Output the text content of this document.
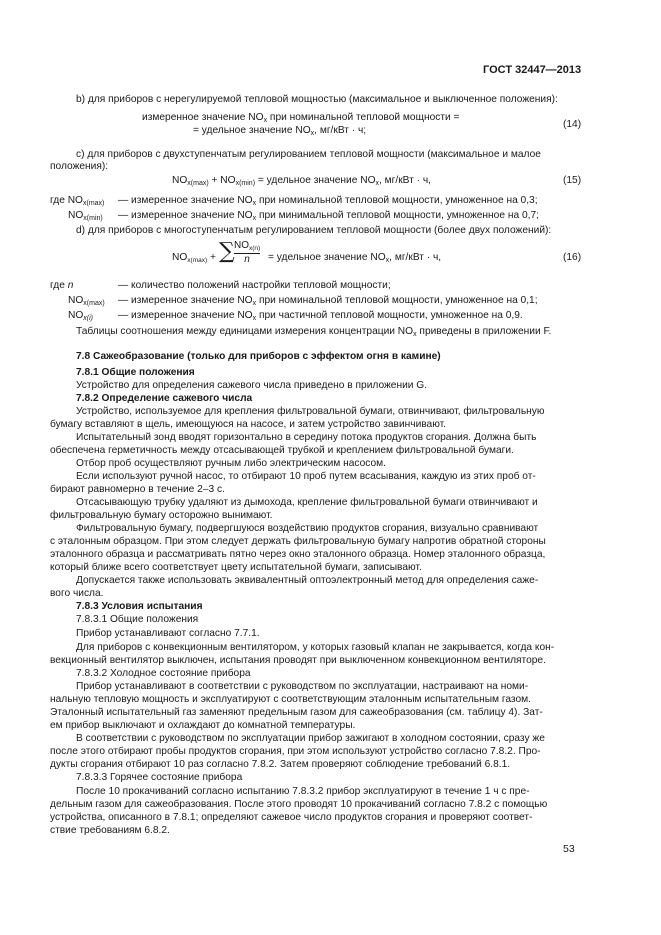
ГОСТ 32447—2013
b) для приборов с нерегулируемой тепловой мощностью (максимальное и выключенное положения):
измеренное значение $NO_x$ при номинальной тепловой мощности =
= удельное значение $NO_x$, мг/кВт · ч;
(14)
c) для приборов с двухступенчатым регулированием тепловой мощности (максимальное и малое
положения):
$NO_{x(max)} + NO_{x(min)}$ = удельное значение $NO_x$, мг/кВт · ч,	(15)
где $NO_{x(max)}$ — измеренное значение $NO_x$ при номинальной тепловой мощности, умноженное на 0,3;
$NO_{x(min)}$ — измеренное значение $NO_x$ при минимальной тепловой мощности, умноженное на 0,7;
d) для приборов с многоступенчатым регулированием тепловой мощности (более двух положений):
$NO_{x(max)}$ + ∑ $NO_{x(n)}$
n	= удельное значение $NO_x$, мг/кВт · ч,	(16)
где n	— количество положений настройки тепловой мощности;
$NO_{x(max)}$ — измеренное значение $NO_x$ при номинальной тепловой мощности, умноженное на 0,1;
$NO_{x(i)}$ — измеренное значение $NO_x$ при частичной тепловой мощности, умноженное на 0,9.
Таблицы соотношения между единицами измерения концентрации $NO_x$ приведены в приложении F.
7.8 Сажеобразование (только для приборов с эффектом огня в камине)
7.8.1 Общие положения
Устройство для определения сажевого числа приведено в приложении G.
7.8.2 Определение сажевого числа
Устройство, используемое для крепления фильтровальной бумаги, отвинчивают, фильтровальную
бумагу вставляют в щель, имеющуюся на насосе, и затем устройство завинчивают.
Испытательный зонд вводят горизонтально в середину потока продуктов сгорания. Должна быть
обеспечена герметичность между отсасывающей трубкой и креплением фильтровальной бумаги.
Отбор проб осуществляют ручным либо электрическим насосом.
Если используют ручной насос, то отбирают 10 проб путем всасывания, каждую из этих проб от-
бирают равномерно в течение 2–3 с.
Отсасывающую трубку удаляют из дымохода, крепление фильтровальной бумаги отвинчивают и
фильтровальную бумагу осторожно вынимают.
Фильтровальную бумагу, подвергшуюся воздействию продуктов сгорания, визуально сравнивают
с эталонным образцом. При этом следует держать фильтровальную бумагу напротив обратной стороны
эталонного образца и рассматривать пятно через окно эталонного образца. Номер эталонного образца,
который ближе всего соответствует цвету испытательной бумаги, записывают.
Допускается также использовать эквивалентный оптоэлектронный метод для определения саже-
вого числа.
7.8.3 Условия испытания
7.8.3.1 Общие положения
Прибор устанавливают согласно 7.7.1.
Для приборов с конвекционным вентилятором, у которых газовый клапан не закрывается, когда кон-
векционный вентилятор выключен, испытания проводят при выключенном конвекционном вентиляторе.
7.8.3.2 Холодное состояние прибора
Прибор устанавливают в соответствии с руководством по эксплуатации, настраивают на номи-
нальную тепловую мощность и эксплуатируют с соответствующим эталонным испытательным газом.
Эталонный испытательный газ заменяют предельным газом для сажеобразования (см. таблицу 4). Зат-
ем прибор выключают и охлаждают до комнатной температуры.
В соответствии с руководством по эксплуатации прибор зажигают в холодном состоянии, сразу же
после этого отбирают пробы продуктов сгорания, при этом используют устройство согласно 7.8.2. Про-
дукты сгорания отбирают 10 раз согласно 7.8.2. Затем проверяют соблюдение требований 6.8.1.
7.8.3.3 Горячее состояние прибора
После 10 прокачиваний согласно испытанию 7.8.3.2 прибор эксплуатируют в течение 1 ч с пре-
дельным газом для сажеобразования. После этого проводят 10 прокачиваний согласно 7.8.2 с помощью
устройства, описанного в 7.8.1; определяют сажевое число продуктов сгорания и проверяют соответ-
ствие требованиям 6.8.2.
53
